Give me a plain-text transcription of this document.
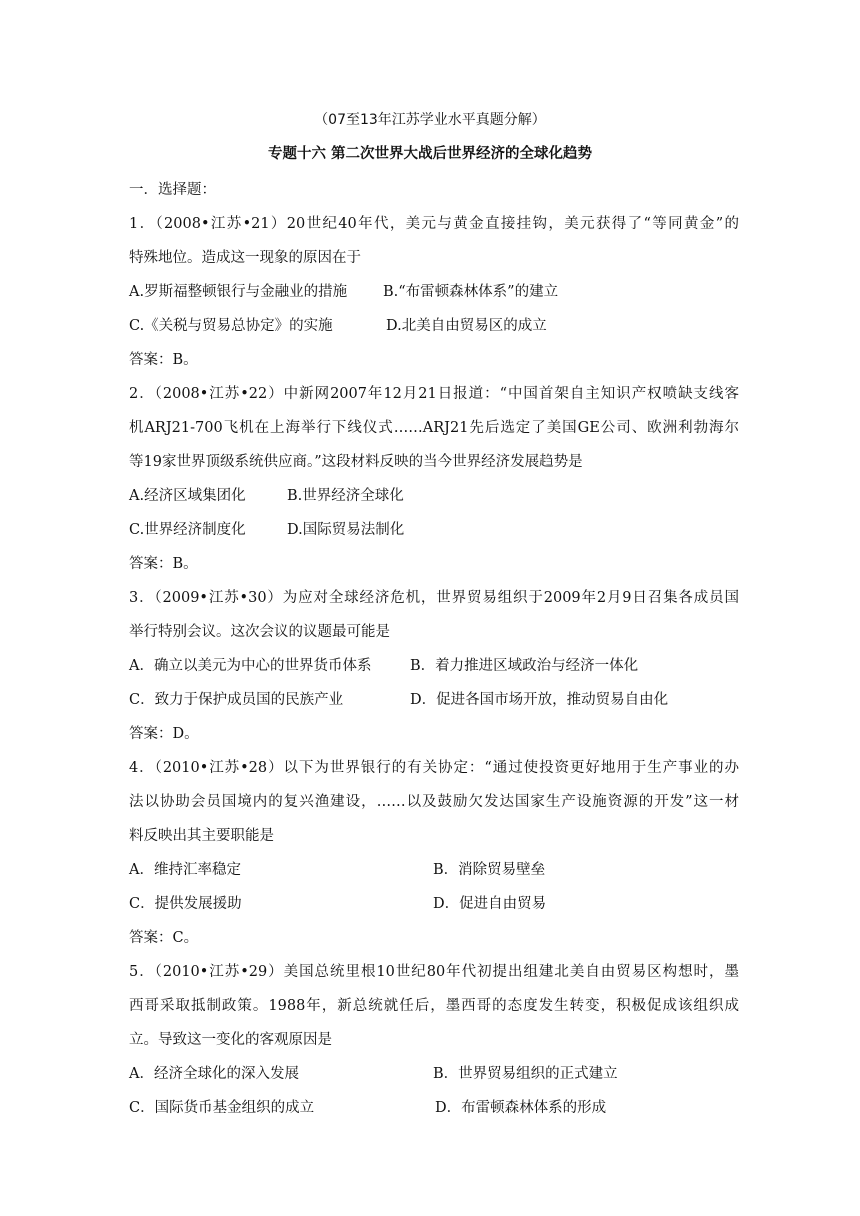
（07至13年江苏学业水平真题分解）
专题十六 第二次世界大战后世界经济的全球化趋势
一．选择题：
1．（2008•江苏•21）20世纪40年代，美元与黄金直接挂钩，美元获得了“等同黄金”的
特殊地位。造成这一现象的原因在于
A.罗斯福整顿银行与金融业的措施 B.“布雷顿森林体系”的建立
C.《关税与贸易总协定》的实施	D.北美自由贸易区的成立
答案：B。
2．（2008•江苏•22）中新网2007年12月21日报道：“中国首架自主知识产权喷缺支线客
机ARJ21-700飞机在上海举行下线仪式……ARJ21先后选定了美国GE公司、欧洲利勃海尔
等19家世界顶级系统供应商。”这段材料反映的当今世界经济发展趋势是
A.经济区域集团化	B.世界经济全球化
C.世界经济制度化	D.国际贸易法制化
答案：B。
3．（2009•江苏•30）为应对全球经济危机，世界贸易组织于2009年2月9日召集各成员国
举行特别会议。这次会议的议题最可能是
A．确立以美元为中心的世界货币体系	B．着力推进区域政治与经济一体化
C．致力于保护成员国的民族产业	D．促进各国市场开放，推动贸易自由化
答案：D。
4．（2010•江苏•28）以下为世界银行的有关协定：“通过使投资更好地用于生产事业的办
法以协助会员国境内的复兴渔建设，……以及鼓励欠发达国家生产设施资源的开发”这一材
料反映出其主要职能是
A．维持汇率稳定	B．消除贸易壁垒
C．提供发展援助	D．促进自由贸易
答案：C。
5．（2010•江苏•29）美国总统里根10世纪80年代初提出组建北美自由贸易区构想时，墨
西哥采取抵制政策。1988年，新总统就任后，墨西哥的态度发生转变，积极促成该组织成
立。导致这一变化的客观原因是
A．经济全球化的深入发展	B．世界贸易组织的正式建立
C．国际货币基金组织的成立	D．布雷顿森林体系的形成
